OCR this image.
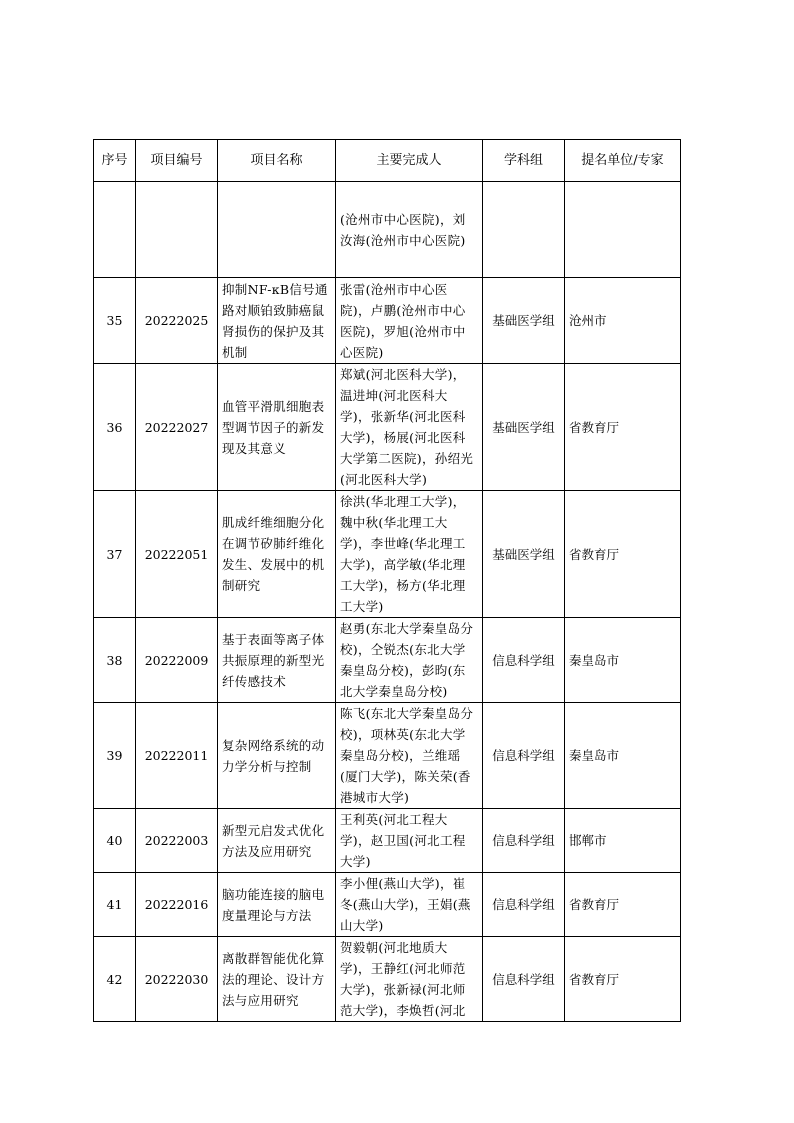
序号	项目编号	项目名称	主要完成人	学科组	提名单位/专家
			(沧州市中心医院)，刘汝海(沧州市中心医院)		
35	20222025	抑制NF-κB信号通路对顺铂致肺癌鼠肾损伤的保护及其机制	张雷(沧州市中心医院)，卢鹏(沧州市中心医院)，罗旭(沧州市中心医院)	基础医学组	沧州市
36	20222027	血管平滑肌细胞表型调节因子的新发现及其意义	郑斌(河北医科大学)，温进坤(河北医科大学)，张新华(河北医科大学)，杨展(河北医科大学第二医院)，孙绍光(河北医科大学)	基础医学组	省教育厅
37	20222051	肌成纤维细胞分化在调节矽肺纤维化发生、发展中的机制研究	徐洪(华北理工大学)，魏中秋(华北理工大学)，李世峰(华北理工大学)，高学敏(华北理工大学)，杨方(华北理工大学)	基础医学组	省教育厅
38	20222009	基于表面等离子体共振原理的新型光纤传感技术	赵勇(东北大学秦皇岛分校)，仝锐杰(东北大学秦皇岛分校)，彭昀(东北大学秦皇岛分校)	信息科学组	秦皇岛市
39	20222011	复杂网络系统的动力学分析与控制	陈飞(东北大学秦皇岛分校)，项林英(东北大学秦皇岛分校)，兰维瑶(厦门大学)，陈关荣(香港城市大学)	信息科学组	秦皇岛市
40	20222003	新型元启发式优化方法及应用研究	王利英(河北工程大学)，赵卫国(河北工程大学)	信息科学组	邯郸市
41	20222016	脑功能连接的脑电度量理论与方法	李小俚(燕山大学)，崔冬(燕山大学)，王娟(燕山大学)	信息科学组	省教育厅
42	20222030	离散群智能优化算法的理论、设计方法与应用研究	贺毅朝(河北地质大学)，王静红(河北师范大学)，张新禄(河北师范大学)，李焕哲(河北	信息科学组	省教育厅
